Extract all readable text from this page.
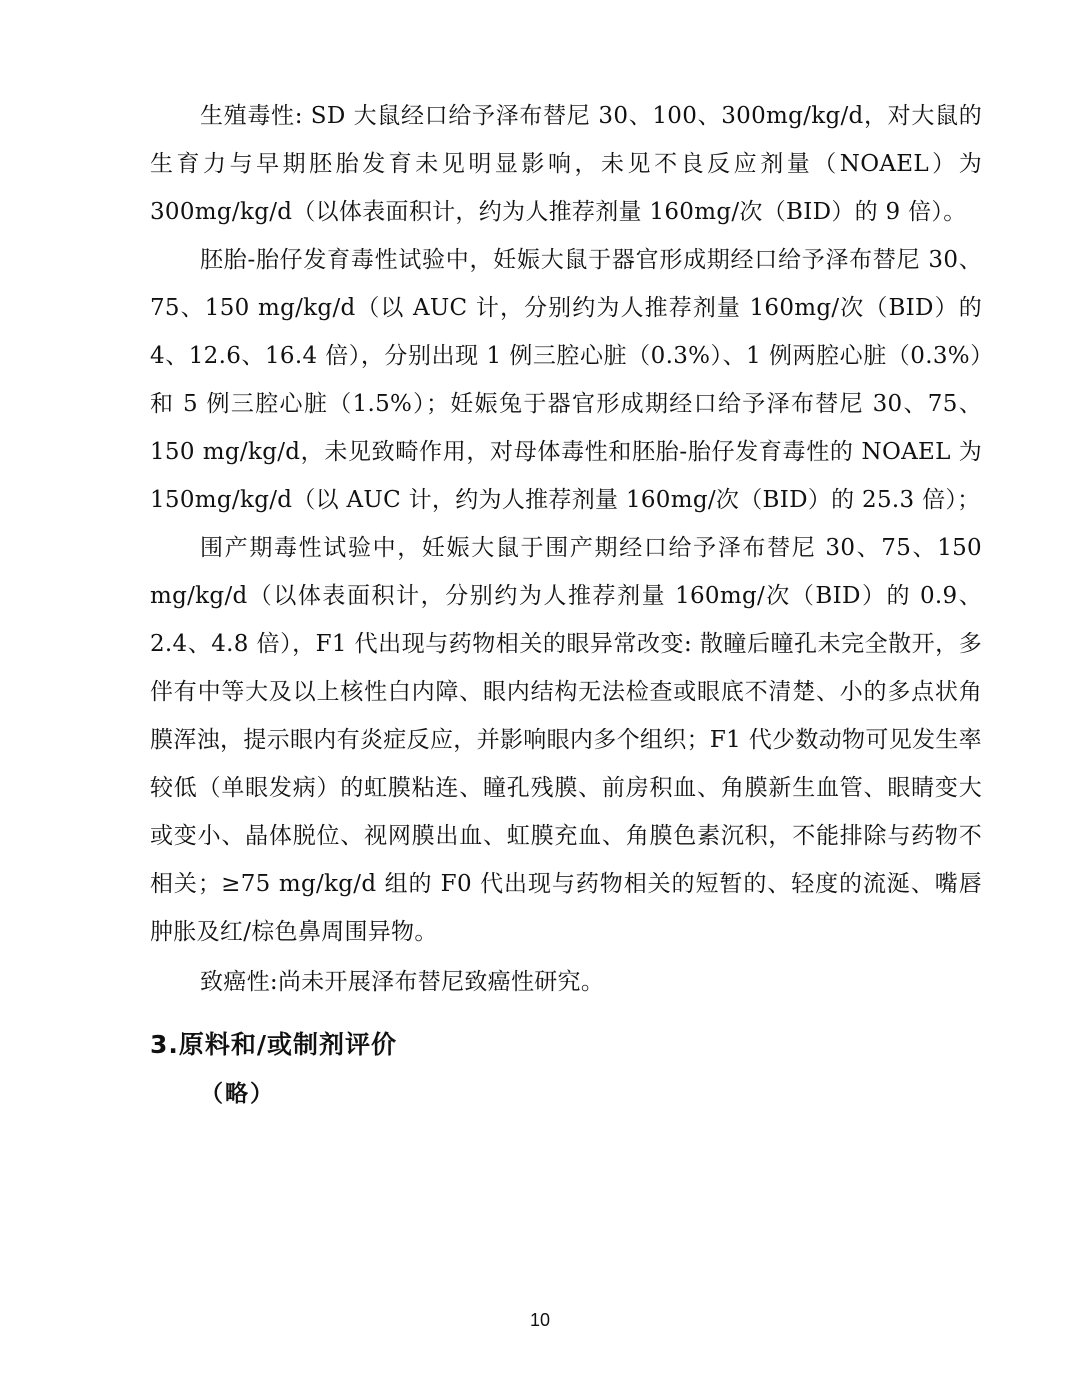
生殖毒性: SD 大鼠经口给予泽布替尼 30、100、300mg/kg/d，对大鼠的生育力与早期胚胎发育未见明显影响，未见不良反应剂量（NOAEL）为 300mg/kg/d（以体表面积计，约为人推荐剂量 160mg/次（BID）的 9 倍）。

胚胎-胎仔发育毒性试验中，妊娠大鼠于器官形成期经口给予泽布替尼 30、75、150 mg/kg/d（以 AUC 计，分别约为人推荐剂量 160mg/次（BID）的 4、12.6、16.4 倍），分别出现 1 例三腔心脏（0.3%）、1 例两腔心脏（0.3%）和 5 例三腔心脏（1.5%）；妊娠兔于器官形成期经口给予泽布替尼 30、75、150 mg/kg/d，未见致畸作用，对母体毒性和胚胎-胎仔发育毒性的 NOAEL 为 150mg/kg/d（以 AUC 计，约为人推荐剂量 160mg/次（BID）的 25.3 倍）；

围产期毒性试验中，妊娠大鼠于围产期经口给予泽布替尼 30、75、150 mg/kg/d（以体表面积计，分别约为人推荐剂量 160mg/次（BID）的 0.9、2.4、4.8 倍），F1 代出现与药物相关的眼异常改变: 散瞳后瞳孔未完全散开，多伴有中等大及以上核性白内障、眼内结构无法检查或眼底不清楚、小的多点状角膜浑浊，提示眼内有炎症反应，并影响眼内多个组织；F1 代少数动物可见发生率较低（单眼发病）的虹膜粘连、瞳孔残膜、前房积血、角膜新生血管、眼睛变大或变小、晶体脱位、视网膜出血、虹膜充血、角膜色素沉积，不能排除与药物不相关；≥75 mg/kg/d 组的 F0 代出现与药物相关的短暂的、轻度的流涎、嘴唇肿胀及红/棕色鼻周围异物。

致癌性:尚未开展泽布替尼致癌性研究。

3.原料和/或制剂评价

（略）

10
